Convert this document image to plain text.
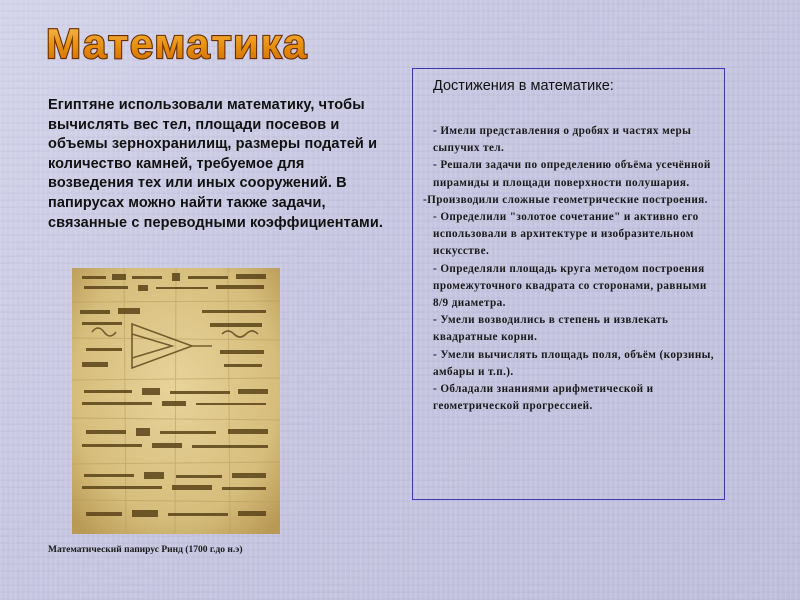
Математика

Египтяне использовали математику, чтобы вычислять вес тел, площади посевов и объемы зернохранилищ, размеры податей и количество камней, требуемое для возведения тех или иных сооружений. В папирусах можно найти также задачи, связанные с переводными коэффициентами.

Математический папирус Ринд (1700 г.до н.э)

Достижения в математике:

- Имели представления о дробях и частях меры сыпучих тел.
- Решали задачи по определению объёма усечённой пирамиды и площади поверхности полушария.
-Производили сложные геометрические построения.
- Определили "золотое сочетание" и активно его использовали в архитектуре и изобразительном искусстве.
- Определяли площадь круга методом построения промежуточного квадрата со сторонами, равными 8/9 диаметра.
- Умели возводились в степень и извлекать квадратные корни.
- Умели вычислять площадь поля, объём (корзины, амбары и т.п.).
- Обладали знаниями арифметической и геометрической прогрессией.
